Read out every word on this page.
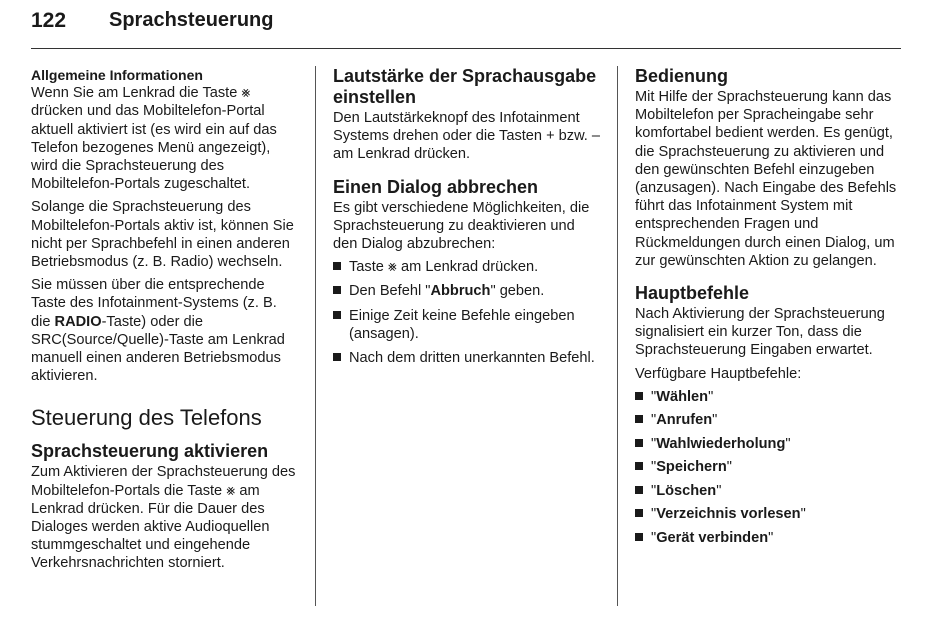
122 Sprachsteuerung
Allgemeine Informationen

Wenn Sie am Lenkrad die Taste ⨳ drücken und das Mobiltelefon-Portal aktuell aktiviert ist (es wird ein auf das Telefon bezogenes Menü angezeigt), wird die Sprachsteuerung des Mobiltelefon-Portals zugeschaltet.

Solange die Sprachsteuerung des Mobiltelefon-Portals aktiv ist, können Sie nicht per Sprachbefehl in einen anderen Betriebsmodus (z. B. Radio) wechseln.

Sie müssen über die entsprechende Taste des Infotainment-Systems (z. B. die RADIO-Taste) oder die SRC(Source/Quelle)-Taste am Lenkrad manuell einen anderen Betriebsmodus aktivieren.

Steuerung des Telefons
Sprachsteuerung aktivieren

Zum Aktivieren der Sprachsteuerung des Mobiltelefon-Portals die Taste ⨳ am Lenkrad drücken. Für die Dauer des Dialoges werden aktive Audioquellen stummgeschaltet und eingehende Verkehrsnachrichten storniert.

Lautstärke der Sprachausgabe einstellen

Den Lautstärkeknopf des Infotainment Systems drehen oder die Tasten + bzw. – am Lenkrad drücken.

Einen Dialog abbrechen

Es gibt verschiedene Möglichkeiten, die Sprachsteuerung zu deaktivieren und den Dialog abzubrechen:

Taste ⨳ am Lenkrad drücken.
Den Befehl "Abbruch" geben.
Einige Zeit keine Befehle eingeben (ansagen).
Nach dem dritten unerkannten Befehl.
Bedienung

Mit Hilfe der Sprachsteuerung kann das Mobiltelefon per Spracheingabe sehr komfortabel bedient werden. Es genügt, die Sprachsteuerung zu aktivieren und den gewünschten Befehl einzugeben (anzusagen). Nach Eingabe des Befehls führt das Infotainment System mit entsprechenden Fragen und Rückmeldungen durch einen Dialog, um zur gewünschten Aktion zu gelangen.

Hauptbefehle

Nach Aktivierung der Sprachsteuerung signalisiert ein kurzer Ton, dass die Sprachsteuerung Eingaben erwartet.

Verfügbare Hauptbefehle:

"Wählen"
"Anrufen"
"Wahlwiederholung"
"Speichern"
"Löschen"
"Verzeichnis vorlesen"
"Gerät verbinden"
